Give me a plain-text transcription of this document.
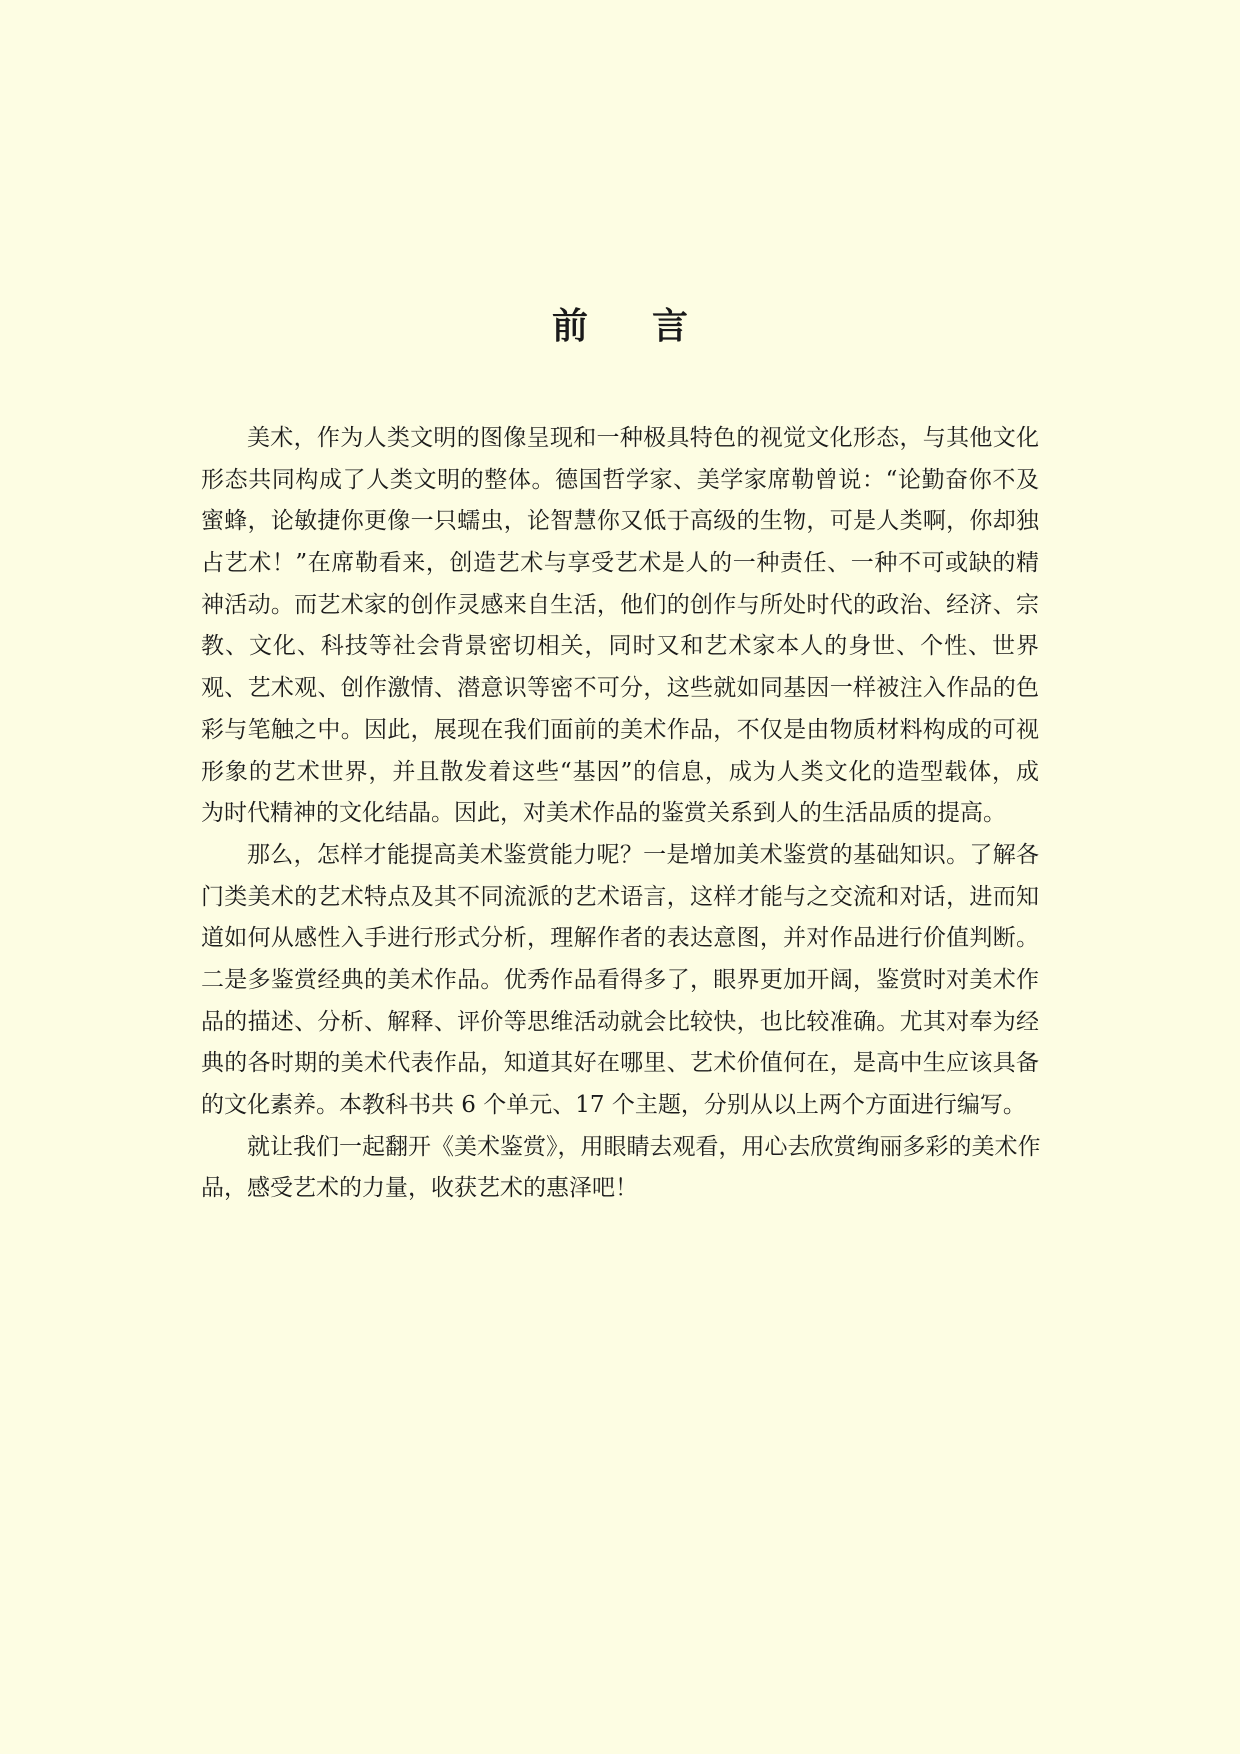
前 言
美术，作为人类文明的图像呈现和一种极具特色的视觉文化形态，与其他文化
形态共同构成了人类文明的整体。德国哲学家、美学家席勒曾说：“论勤奋你不及
蜜蜂，论敏捷你更像一只蠕虫，论智慧你又低于高级的生物，可是人类啊，你却独
占艺术！”在席勒看来，创造艺术与享受艺术是人的一种责任、一种不可或缺的精
神活动。而艺术家的创作灵感来自生活，他们的创作与所处时代的政治、经济、宗
教、文化、科技等社会背景密切相关，同时又和艺术家本人的身世、个性、世界
观、艺术观、创作激情、潜意识等密不可分，这些就如同基因一样被注入作品的色
彩与笔触之中。因此，展现在我们面前的美术作品，不仅是由物质材料构成的可视
形象的艺术世界，并且散发着这些“基因”的信息，成为人类文化的造型载体，成
为时代精神的文化结晶。因此，对美术作品的鉴赏关系到人的生活品质的提高。
那么，怎样才能提高美术鉴赏能力呢？一是增加美术鉴赏的基础知识。了解各
门类美术的艺术特点及其不同流派的艺术语言，这样才能与之交流和对话，进而知
道如何从感性入手进行形式分析，理解作者的表达意图，并对作品进行价值判断。
二是多鉴赏经典的美术作品。优秀作品看得多了，眼界更加开阔，鉴赏时对美术作
品的描述、分析、解释、评价等思维活动就会比较快，也比较准确。尤其对奉为经
典的各时期的美术代表作品，知道其好在哪里、艺术价值何在，是高中生应该具备
的文化素养。本教科书共 6 个单元、17 个主题，分别从以上两个方面进行编写。
就让我们一起翻开《美术鉴赏》，用眼睛去观看，用心去欣赏绚丽多彩的美术作
品，感受艺术的力量，收获艺术的惠泽吧！
